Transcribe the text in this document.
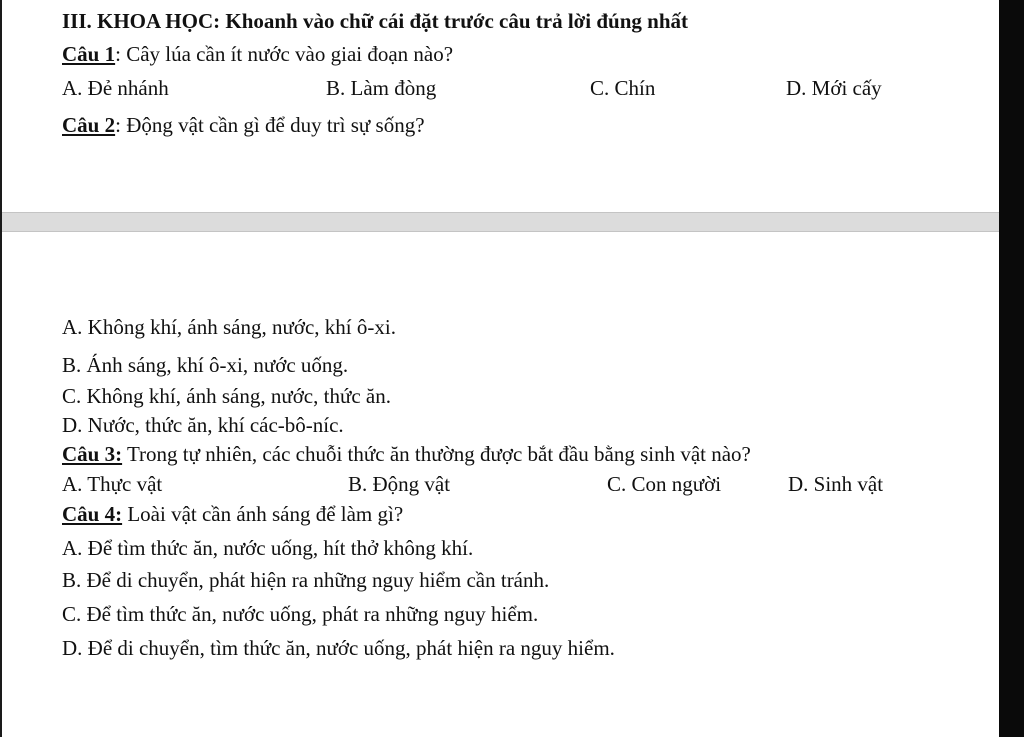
III. KHOA HỌC: Khoanh vào chữ cái đặt trước câu trả lời đúng nhất
Câu 1: Cây lúa cần ít nước vào giai đoạn nào?
A. Đẻ nhánh	B. Làm đòng	C. Chín	D. Mới cấy
Câu 2: Động vật cần gì để duy trì sự sống?
A. Không khí, ánh sáng, nước, khí ô-xi.
B. Ánh sáng, khí ô-xi, nước uống.
C. Không khí, ánh sáng, nước, thức ăn.
D. Nước, thức ăn, khí các-bô-níc.
Câu 3: Trong tự nhiên, các chuỗi thức ăn thường được bắt đầu bằng sinh vật nào?
A. Thực vật	B. Động vật	C. Con người	D. Sinh vật
Câu 4: Loài vật cần ánh sáng để làm gì?
A. Để tìm thức ăn, nước uống, hít thở không khí.
B. Để di chuyển, phát hiện ra những nguy hiểm cần tránh.
C. Để tìm thức ăn, nước uống, phát ra những nguy hiểm.
D. Để di chuyển, tìm thức ăn, nước uống, phát hiện ra nguy hiểm.
